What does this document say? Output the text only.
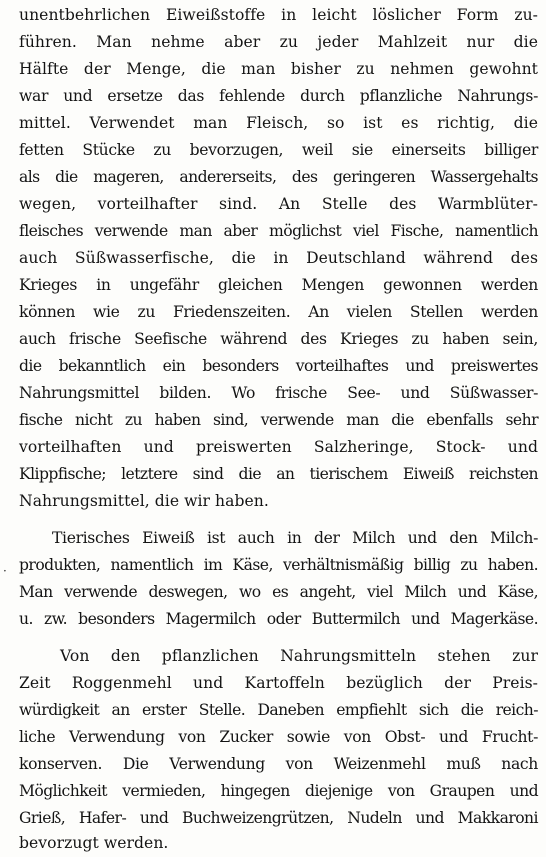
unentbehrlichen Eiweißstoffe in leicht löslicher Form zu-
führen. Man nehme aber zu jeder Mahlzeit nur die
Hälfte der Menge, die man bisher zu nehmen gewohnt
war und ersetze das fehlende durch pflanzliche Nahrungs-
mittel. Verwendet man Fleisch, so ist es richtig, die
fetten Stücke zu bevorzugen, weil sie einerseits billiger
als die mageren, andererseits, des geringeren Wassergehalts
wegen, vorteilhafter sind. An Stelle des Warmblüter-
fleisches verwende man aber möglichst viel Fische, namentlich
auch Süßwasserfische, die in Deutschland während des
Krieges in ungefähr gleichen Mengen gewonnen werden
können wie zu Friedenszeiten. An vielen Stellen werden
auch frische Seefische während des Krieges zu haben sein,
die bekanntlich ein besonders vorteilhaftes und preiswertes
Nahrungsmittel bilden. Wo frische See- und Süßwasser-
fische nicht zu haben sind, verwende man die ebenfalls sehr
vorteilhaften und preiswerten Salzheringe, Stock- und
Klippfische; letztere sind die an tierischem Eiweiß reichsten
Nahrungsmittel, die wir haben.
Tierisches Eiweiß ist auch in der Milch und den Milch-
produkten, namentlich im Käse, verhältnismäßig billig zu haben.
Man verwende deswegen, wo es angeht, viel Milch und Käse,
u. zw. besonders Magermilch oder Buttermilch und Magerkäse.
Von den pflanzlichen Nahrungsmitteln stehen zur
Zeit Roggenmehl und Kartoffeln bezüglich der Preis-
würdigkeit an erster Stelle. Daneben empfiehlt sich die reich-
liche Verwendung von Zucker sowie von Obst- und Frucht-
konserven. Die Verwendung von Weizenmehl muß nach
Möglichkeit vermieden, hingegen diejenige von Graupen und
Grieß, Hafer- und Buchweizengrützen, Nudeln und Makkaroni
bevorzugt werden.
·
